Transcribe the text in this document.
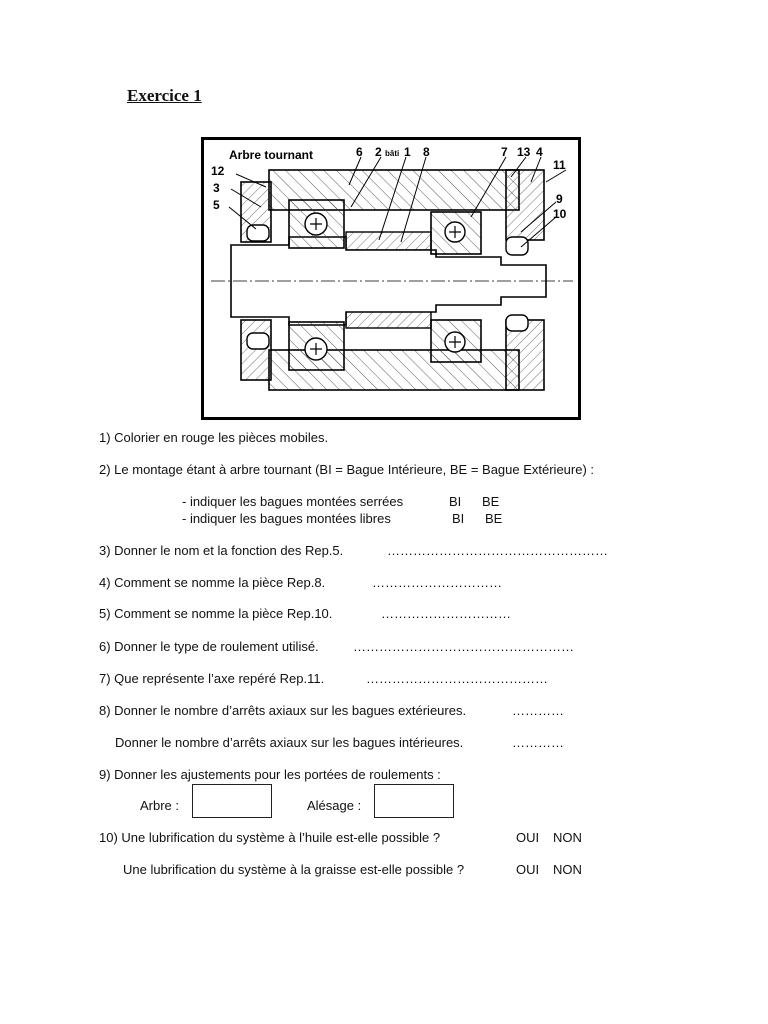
Exercice 1
Arbre tournant	6 2 bâti 1 8	7 13 4
11
12
3
5	9
10
1) Colorier en rouge les pièces mobiles.
2) Le montage étant à arbre tournant (BI = Bague Intérieure, BE = Bague Extérieure) :
- indiquer les bagues montées serrées	BI BE
- indiquer les bagues montées libres	BI BE
3) Donner le nom et la fonction des Rep.5.	……………………………………………
4) Comment se nomme la pièce Rep.8.	…………………………
5) Comment se nomme la pièce Rep.10.	…………………………
6) Donner le type de roulement utilisé.	……………………………………………
7) Que représente l’axe repéré Rep.11.	……………………………………
8) Donner le nombre d’arrêts axiaux sur les bagues extérieures.	…………
Donner le nombre d’arrêts axiaux sur les bagues intérieures.	…………
9) Donner les ajustements pour les portées de roulements :
Arbre :	Alésage :
10) Une lubrification du système à l’huile est-elle possible ?	OUI NON
Une lubrification du système à la graisse est-elle possible ?	OUI NON
